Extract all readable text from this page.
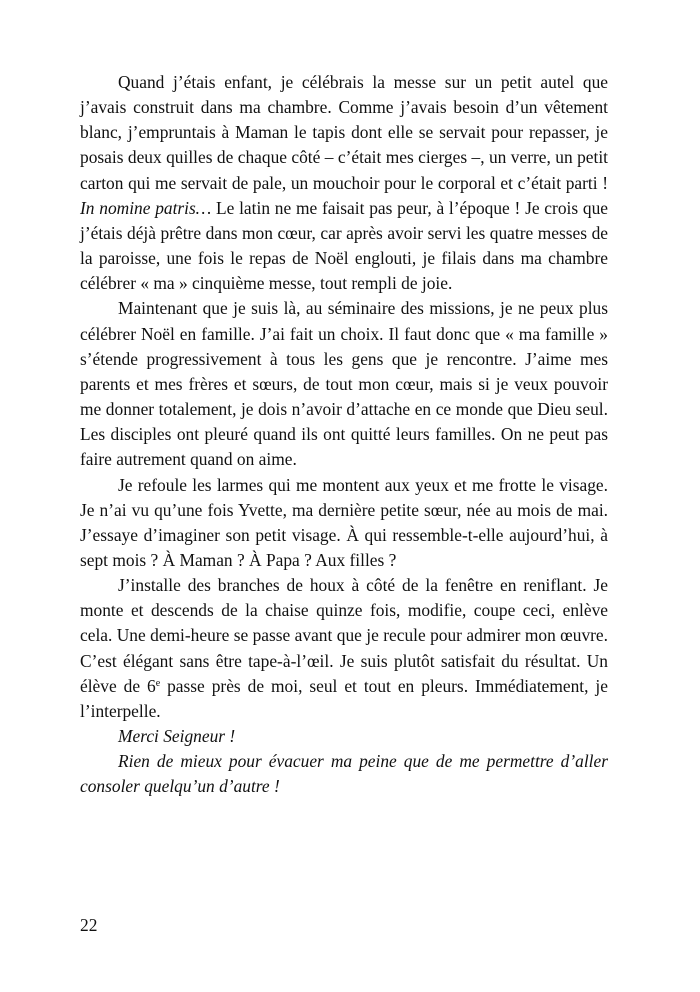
Quand j’étais enfant, je célébrais la messe sur un petit autel que j’avais construit dans ma chambre. Comme j’avais besoin d’un vêtement blanc, j’empruntais à Maman le tapis dont elle se servait pour repasser, je posais deux quilles de chaque côté – c’était mes cierges –, un verre, un petit carton qui me servait de pale, un mouchoir pour le corporal et c’était parti ! In nomine patris… Le latin ne me faisait pas peur, à l’époque ! Je crois que j’étais déjà prêtre dans mon cœur, car après avoir servi les quatre messes de la paroisse, une fois le repas de Noël englouti, je filais dans ma chambre célébrer « ma » cinquième messe, tout rempli de joie.

Maintenant que je suis là, au séminaire des missions, je ne peux plus célébrer Noël en famille. J’ai fait un choix. Il faut donc que « ma famille » s’étende progressivement à tous les gens que je rencontre. J’aime mes parents et mes frères et sœurs, de tout mon cœur, mais si je veux pouvoir me donner totalement, je dois n’avoir d’attache en ce monde que Dieu seul. Les disciples ont pleuré quand ils ont quitté leurs familles. On ne peut pas faire autrement quand on aime.

Je refoule les larmes qui me montent aux yeux et me frotte le visage. Je n’ai vu qu’une fois Yvette, ma dernière petite sœur, née au mois de mai. J’essaye d’imaginer son petit visage. À qui ressemble-t-elle aujourd’hui, à sept mois ? À Maman ? À Papa ? Aux filles ?

J’installe des branches de houx à côté de la fenêtre en reniflant. Je monte et descends de la chaise quinze fois, modifie, coupe ceci, enlève cela. Une demi-heure se passe avant que je recule pour admirer mon œuvre. C’est élégant sans être tape-à-l’œil. Je suis plutôt satisfait du résultat. Un élève de 6e passe près de moi, seul et tout en pleurs. Immédiatement, je l’interpelle.

Merci Seigneur !

Rien de mieux pour évacuer ma peine que de me permettre d’aller consoler quelqu’un d’autre !

22
